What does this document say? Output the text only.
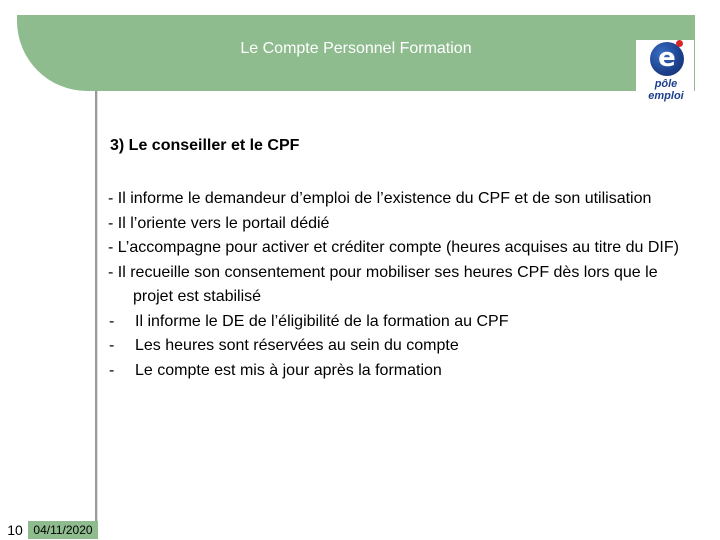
Le Compte Personnel Formation	e
pôle emploi
3) Le conseiller et le CPF
- Il informe le demandeur d’emploi de l’existence du CPF et de son utilisation
- Il l’oriente vers le portail dédié
- L’accompagne pour activer et créditer compte (heures acquises au titre du DIF)
- Il recueille son consentement pour mobiliser ses heures CPF dès lors que le projet est stabilisé
- Il informe le DE de l’éligibilité de la formation au CPF
- Les heures sont réservées au sein du compte
- Le compte est mis à jour après la formation
10 04/11/2020
